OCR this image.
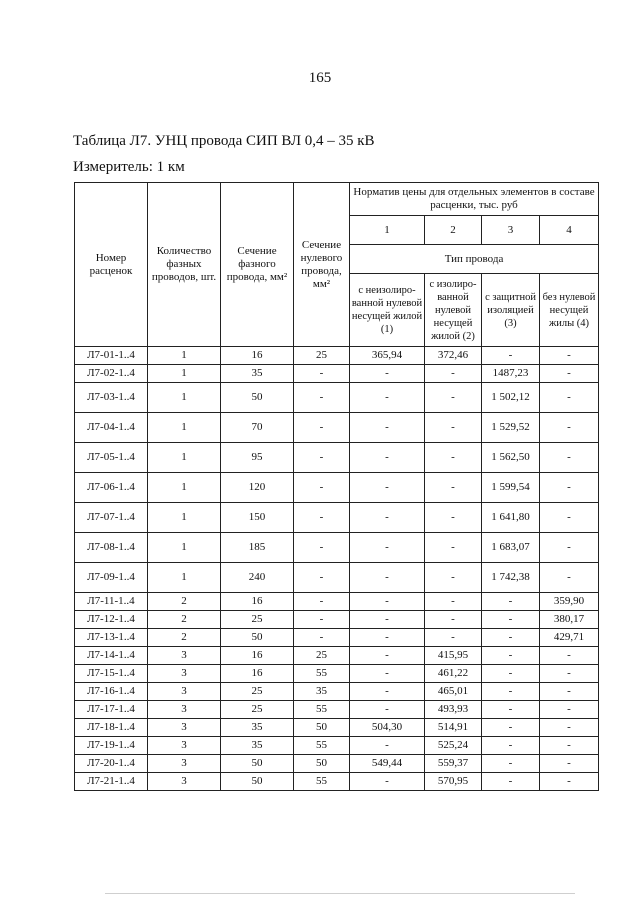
165
Таблица Л7. УНЦ провода СИП ВЛ 0,4 – 35 кВ
Измеритель: 1 км
Номер расценок	Количество фазных проводов, шт.	Сечение фазного провода, мм²	Сечение нулевого провода, мм²	Норматив цены для отдельных элементов в составе расценки, тыс. руб			
				1	2	3	4
				Тип провода			
				с неизолиро-ванной нулевой несущей жилой (1)	с изолиро-ванной нулевой несущей жилой (2)	с защитной изоляцией (3)	без нулевой несущей жилы (4)
Л7-01-1..4	1	16	25	365,94	372,46	-	-
Л7-02-1..4	1	35	-	-	-	1487,23	-
Л7-03-1..4	1	50	-	-	-	1 502,12	-
Л7-04-1..4	1	70	-	-	-	1 529,52	-
Л7-05-1..4	1	95	-	-	-	1 562,50	-
Л7-06-1..4	1	120	-	-	-	1 599,54	-
Л7-07-1..4	1	150	-	-	-	1 641,80	-
Л7-08-1..4	1	185	-	-	-	1 683,07	-
Л7-09-1..4	1	240	-	-	-	1 742,38	-
Л7-11-1..4	2	16	-	-	-	-	359,90
Л7-12-1..4	2	25	-	-	-	-	380,17
Л7-13-1..4	2	50	-	-	-	-	429,71
Л7-14-1..4	3	16	25	-	415,95	-	-
Л7-15-1..4	3	16	55	-	461,22	-	-
Л7-16-1..4	3	25	35	-	465,01	-	-
Л7-17-1..4	3	25	55	-	493,93	-	-
Л7-18-1..4	3	35	50	504,30	514,91	-	-
Л7-19-1..4	3	35	55	-	525,24	-	-
Л7-20-1..4	3	50	50	549,44	559,37	-	-
Л7-21-1..4	3	50	55	-	570,95	-	-
